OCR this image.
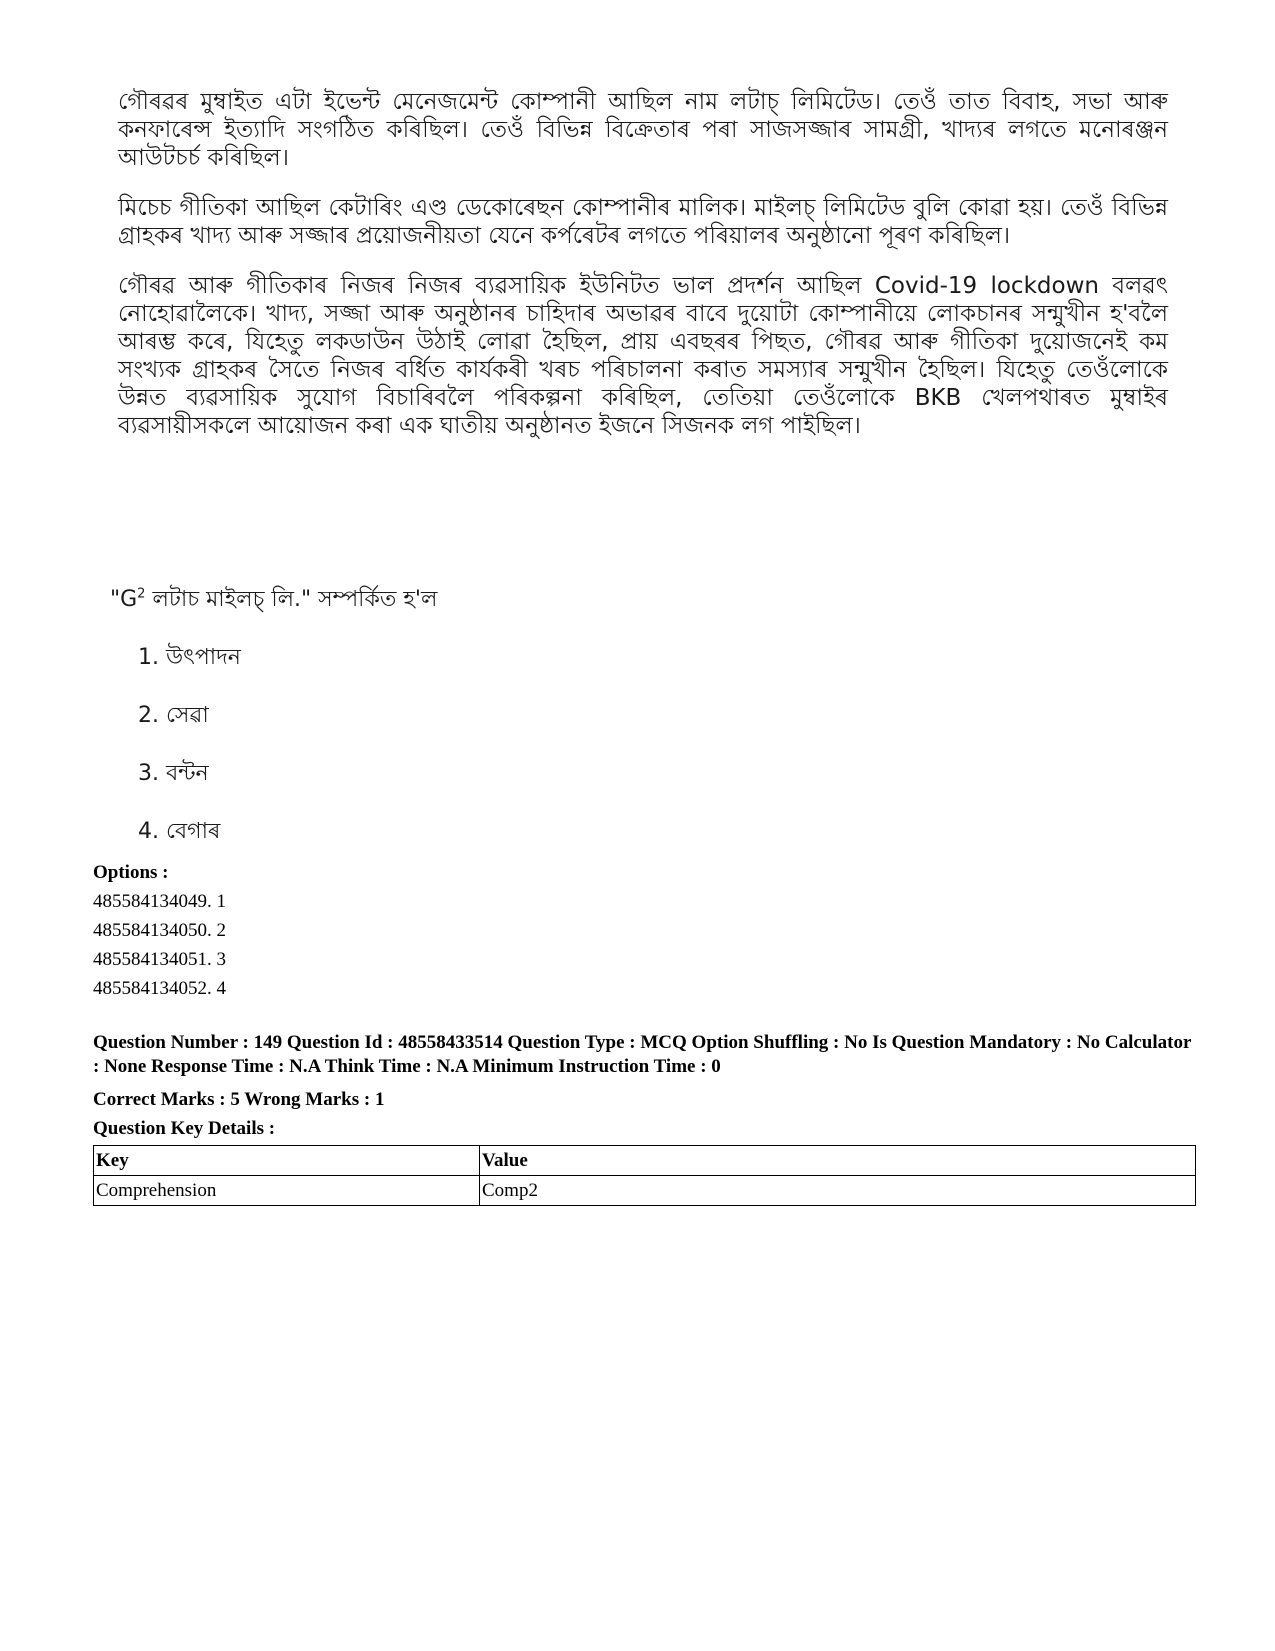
গৌৰৱৰ মুম্বাইত এটা ইভেন্ট মেনেজমেন্ট কোম্পানী আছিল নাম লটাচ্ লিমিটেড। তেওঁ তাত বিবাহ, সভা আৰু কনফাৰেন্স ইত্যাদি সংগঠিত কৰিছিল। তেওঁ বিভিন্ন বিক্ৰেতাৰ পৰা সাজসজ্জাৰ সামগ্ৰী, খাদ্যৰ লগতে মনোৰঞ্জন আউটচৰ্চ কৰিছিল।

মিচেচ গীতিকা আছিল কেটাৰিং এণ্ড ডেকোৰেছন কোম্পানীৰ মালিক। মাইলচ্ লিমিটেড বুলি কোৱা হয়। তেওঁ বিভিন্ন গ্ৰাহকৰ খাদ্য আৰু সজ্জাৰ প্ৰয়োজনীয়তা যেনে কৰ্পৰেটৰ লগতে পৰিয়ালৰ অনুষ্ঠানো পূৰণ কৰিছিল।

গৌৰৱ আৰু গীতিকাৰ নিজৰ নিজৰ ব্যৱসায়িক ইউনিটত ভাল প্ৰদৰ্শন আছিল Covid-19 lockdown বলৱৎ নোহোৱালৈকে। খাদ্য, সজ্জা আৰু অনুষ্ঠানৰ চাহিদাৰ অভাৱৰ বাবে দুয়োটা কোম্পানীয়ে লোকচানৰ সন্মুখীন হ'বলৈ আৰম্ভ কৰে, যিহেতু লকডাউন উঠাই লোৱা হৈছিল, প্ৰায় এবছৰৰ পিছত, গৌৰৱ আৰু গীতিকা দুয়োজনেই কম সংখ্যক গ্ৰাহকৰ সৈতে নিজৰ বৰ্ধিত কাৰ্যকৰী খৰচ পৰিচালনা কৰাত সমস্যাৰ সন্মুখীন হৈছিল। যিহেতু তেওঁলোকে উন্নত ব্যৱসায়িক সুযোগ বিচাৰিবলৈ পৰিকল্পনা কৰিছিল, তেতিয়া তেওঁলোকে BKB খেলপথাৰত মুম্বাইৰ ব্যৱসায়ীসকলে আয়োজন কৰা এক ঘাতীয় অনুষ্ঠানত ইজনে সিজনক লগ পাইছিল।

"$G^2$ লটাচ মাইলচ্ লি." সম্পৰ্কিত হ'ল
1. উৎপাদন
2. সেৱা
3. বন্টন
4. বেগাৰ
Options :
485584134049. 1
485584134050. 2
485584134051. 3
485584134052. 4
Question Number : 149 Question Id : 48558433514 Question Type : MCQ Option Shuffling : No Is Question Mandatory : No Calculator : None Response Time : N.A Think Time : N.A Minimum Instruction Time : 0
Correct Marks : 5 Wrong Marks : 1
Question Key Details :
Key	Value
Comprehension	Comp2
